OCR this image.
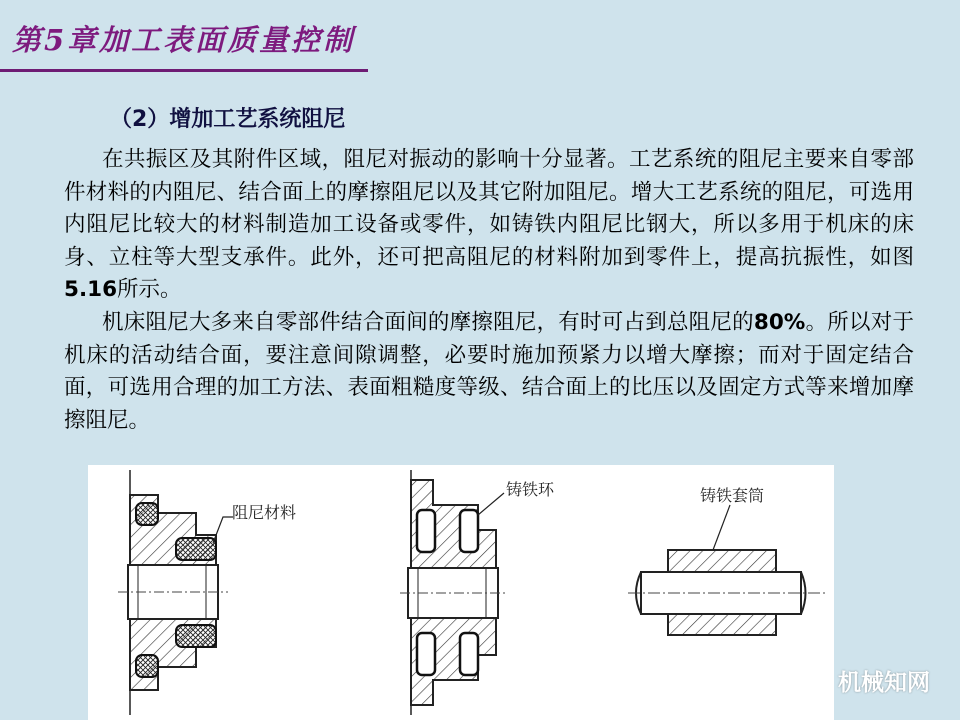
第5章加工表面质量控制
（2）增加工艺系统阻尼

在共振区及其附件区域，阻尼对振动的影响十分显著。工艺系统的阻尼主要来自零部件材料的内阻尼、结合面上的摩擦阻尼以及其它附加阻尼。增大工艺系统的阻尼，可选用内阻尼比较大的材料制造加工设备或零件，如铸铁内阻尼比钢大，所以多用于机床的床身、立柱等大型支承件。此外，还可把高阻尼的材料附加到零件上，提高抗振性，如图5.16所示。

机床阻尼大多来自零部件结合面间的摩擦阻尼，有时可占到总阻尼的80%。所以对于机床的活动结合面，要注意间隙调整，必要时施加预紧力以增大摩擦；而对于固定结合面，可选用合理的加工方法、表面粗糙度等级、结合面上的比压以及固定方式等来增加摩擦阻尼。

阻尼材料
铸铁环	铸铁套筒
机械知网
